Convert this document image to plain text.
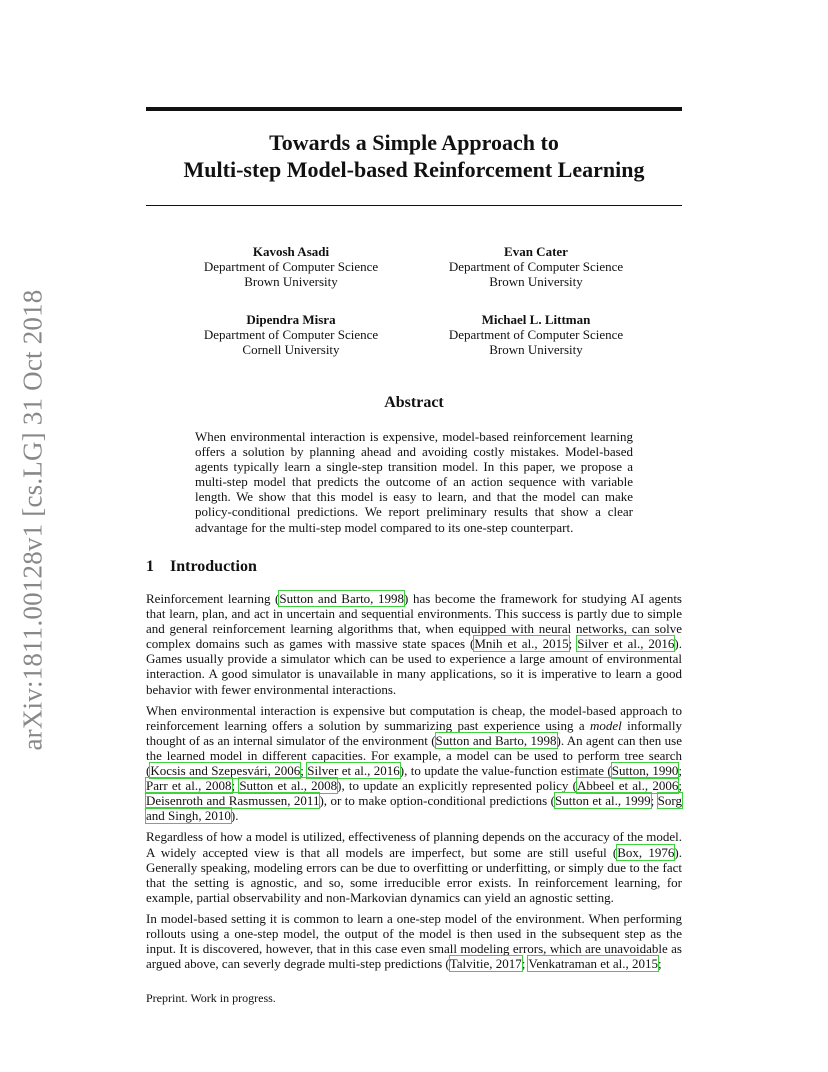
arXiv:1811.00128v1 [cs.LG] 31 Oct 2018
Towards a Simple Approach to
Multi-step Model-based Reinforcement Learning
Kavosh Asadi
Department of Computer Science
Brown University
Evan Cater
Department of Computer Science
Brown University
Dipendra Misra
Department of Computer Science
Cornell University
Michael L. Littman
Department of Computer Science
Brown University
Abstract
When environmental interaction is expensive, model-based reinforcement learning offers a solution by planning ahead and avoiding costly mistakes. Model-based agents typically learn a single-step transition model. In this paper, we propose a multi-step model that predicts the outcome of an action sequence with variable length. We show that this model is easy to learn, and that the model can make policy-conditional predictions. We report preliminary results that show a clear advantage for the multi-step model compared to its one-step counterpart.
1 Introduction

Reinforcement learning (Sutton and Barto, 1998) has become the framework for studying AI agents that learn, plan, and act in uncertain and sequential environments. This success is partly due to simple and general reinforcement learning algorithms that, when equipped with neural networks, can solve complex domains such as games with massive state spaces (Mnih et al., 2015; Silver et al., 2016). Games usually provide a simulator which can be used to experience a large amount of environmental interaction. A good simulator is unavailable in many applications, so it is imperative to learn a good behavior with fewer environmental interactions.

When environmental interaction is expensive but computation is cheap, the model-based approach to reinforcement learning offers a solution by summarizing past experience using a model informally thought of as an internal simulator of the environment (Sutton and Barto, 1998). An agent can then use the learned model in different capacities. For example, a model can be used to perform tree search (Kocsis and Szepesvári, 2006; Silver et al., 2016), to update the value-function estimate (Sutton, 1990; Parr et al., 2008; Sutton et al., 2008), to update an explicitly represented policy (Abbeel et al., 2006; Deisenroth and Rasmussen, 2011), or to make option-conditional predictions (Sutton et al., 1999; Sorg and Singh, 2010).

Regardless of how a model is utilized, effectiveness of planning depends on the accuracy of the model. A widely accepted view is that all models are imperfect, but some are still useful (Box, 1976). Generally speaking, modeling errors can be due to overfitting or underfitting, or simply due to the fact that the setting is agnostic, and so, some irreducible error exists. In reinforcement learning, for example, partial observability and non-Markovian dynamics can yield an agnostic setting.

In model-based setting it is common to learn a one-step model of the environment. When performing rollouts using a one-step model, the output of the model is then used in the subsequent step as the input. It is discovered, however, that in this case even small modeling errors, which are unavoidable as argued above, can severly degrade multi-step predictions (Talvitie, 2017; Venkatraman et al., 2015;

Preprint. Work in progress.
